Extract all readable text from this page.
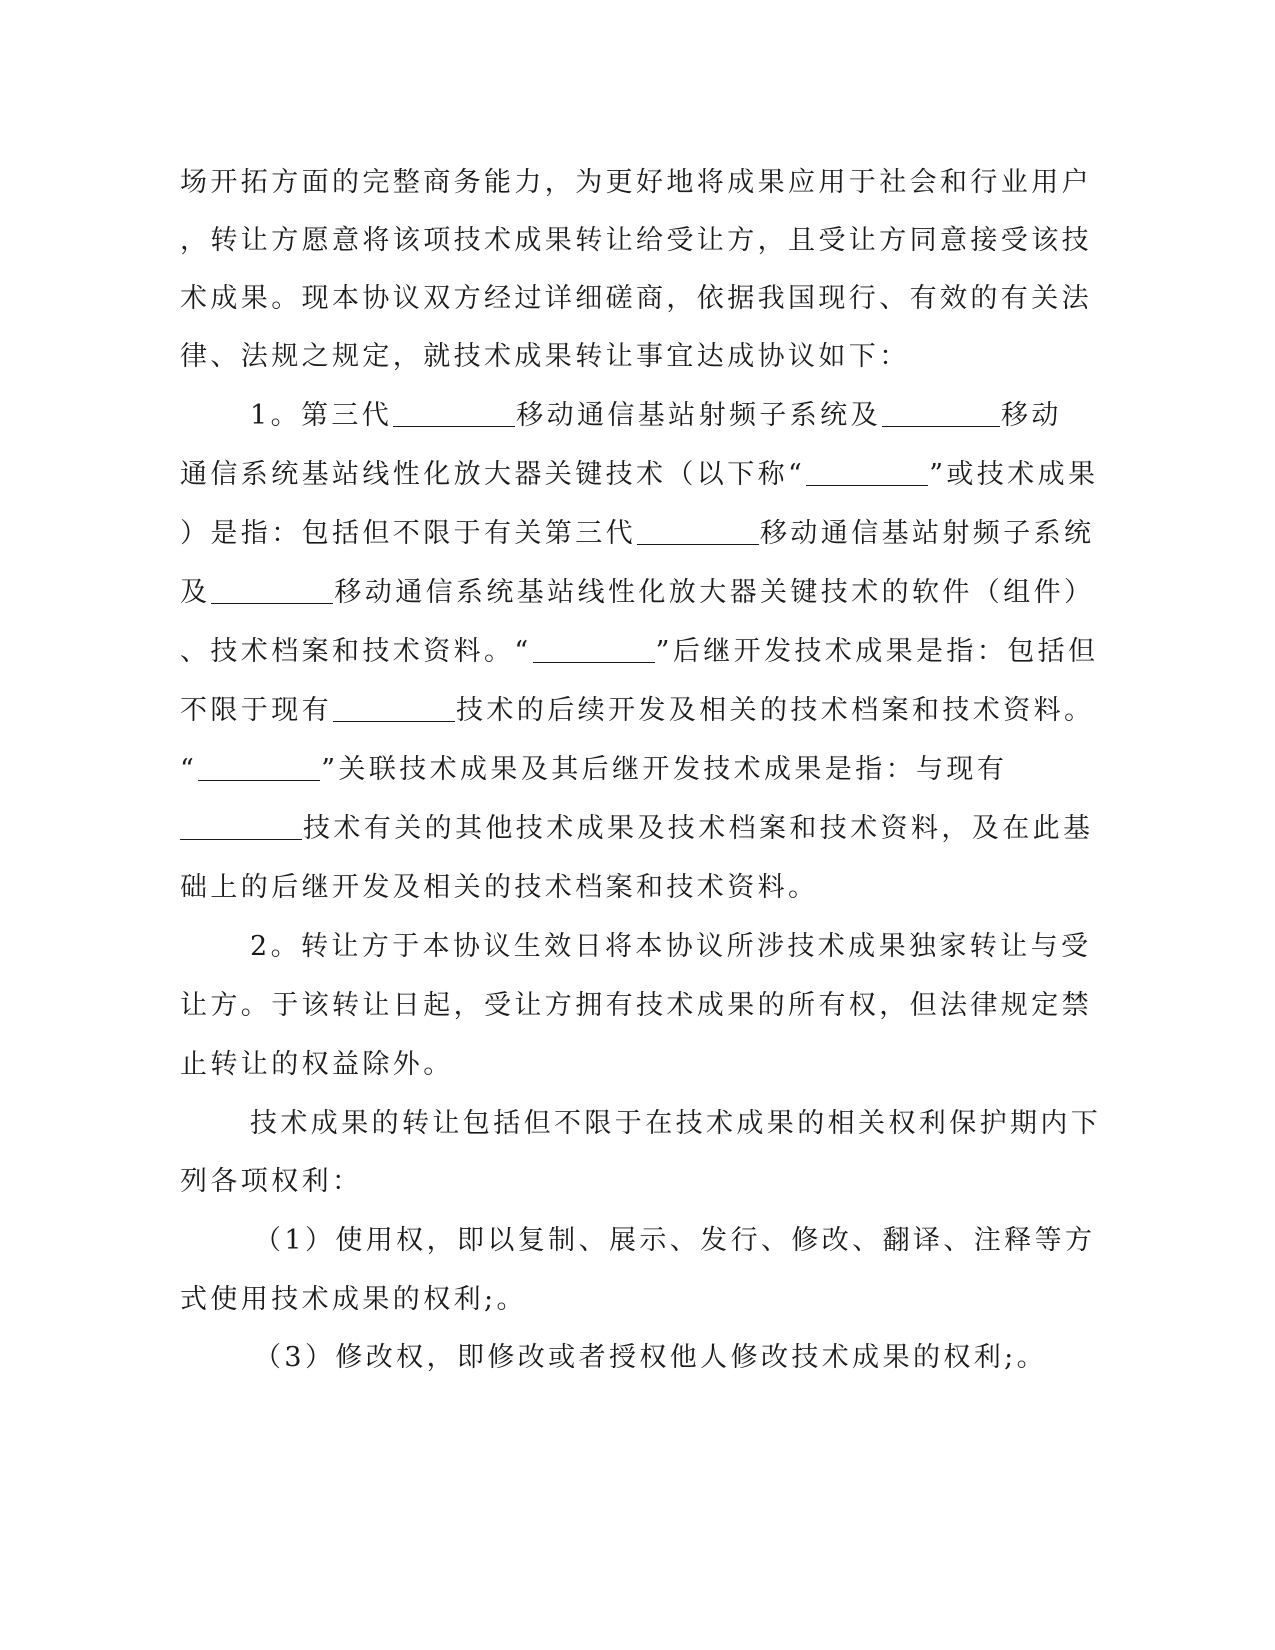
场开拓方面的完整商务能力，为更好地将成果应用于社会和行业用户
，转让方愿意将该项技术成果转让给受让方，且受让方同意接受该技
术成果。现本协议双方经过详细磋商，依据我国现行、有效的有关法
律、法规之规定，就技术成果转让事宜达成协议如下：
1。第三代	移动通信基站射频子系统及	移动
通信系统基站线性化放大器关键技术（以下称“	”或技术成果
）是指：包括但不限于有关第三代	移动通信基站射频子系统
及	移动通信系统基站线性化放大器关键技术的软件（组件）
、技术档案和技术资料。“	”后继开发技术成果是指：包括但
不限于现有	技术的后续开发及相关的技术档案和技术资料。
“	”关联技术成果及其后继开发技术成果是指：与现有
技术有关的其他技术成果及技术档案和技术资料，及在此基
础上的后继开发及相关的技术档案和技术资料。
2。转让方于本协议生效日将本协议所涉技术成果独家转让与受
让方。于该转让日起，受让方拥有技术成果的所有权，但法律规定禁
止转让的权益除外。
技术成果的转让包括但不限于在技术成果的相关权利保护期内下
列各项权利：
（1）使用权，即以复制、展示、发行、修改、翻译、注释等方
式使用技术成果的权利;。
（3）修改权，即修改或者授权他人修改技术成果的权利;。
